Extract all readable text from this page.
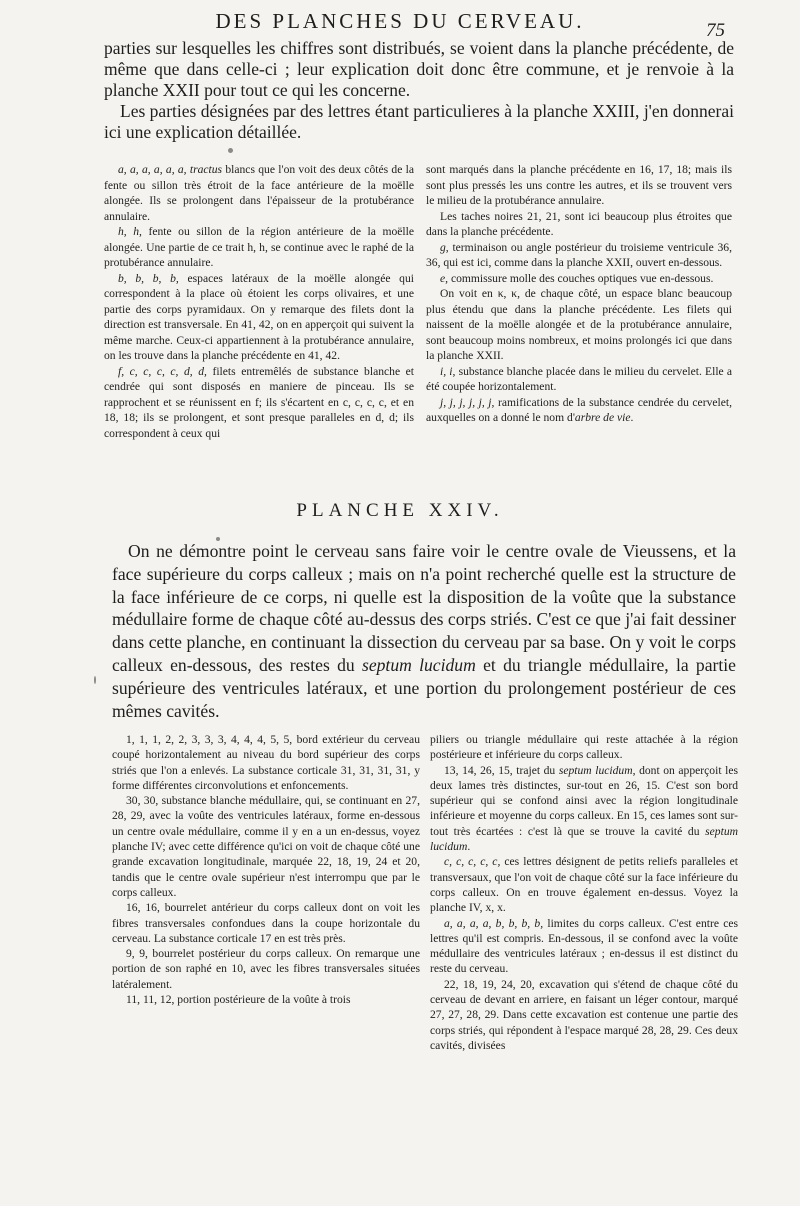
DES PLANCHES DU CERVEAU.	75

parties sur lesquelles les chiffres sont distribués, se voient dans la planche précédente, de même que dans celle-ci ; leur explication doit donc être commune, et je renvoie à la planche XXII pour tout ce qui les concerne.

Les parties désignées par des lettres étant particulieres à la planche XXIII, j'en donnerai ici une explication détaillée.

a, a, a, a, a, a, tractus blancs que l'on voit des deux côtés de la fente ou sillon très étroit de la face antérieure de la moëlle alongée. Ils se prolongent dans l'épaisseur de la protubérance annulaire.

h, h, fente ou sillon de la région antérieure de la moëlle alongée. Une partie de ce trait h, h, se continue avec le raphé de la protubérance annulaire.

b, b, b, b, espaces latéraux de la moëlle alongée qui correspondent à la place où étoient les corps olivaires, et une partie des corps pyramidaux. On y remarque des filets dont la direction est transversale. En 41, 42, on en apperçoit qui suivent la même marche. Ceux-ci appartiennent à la protubérance annulaire, on les trouve dans la planche précédente en 41, 42.

f, c, c, c, c, d, d, filets entremêlés de substance blanche et cendrée qui sont disposés en maniere de pinceau. Ils se rapprochent et se réunissent en f; ils s'écartent en c, c, c, c, et en 18, 18; ils se prolongent, et sont presque paralleles en d, d; ils correspondent à ceux qui

sont marqués dans la planche précédente en 16, 17, 18; mais ils sont plus pressés les uns contre les autres, et ils se trouvent vers le milieu de la protubérance annulaire.

Les taches noires 21, 21, sont ici beaucoup plus étroites que dans la planche précédente.

g, terminaison ou angle postérieur du troisieme ventricule 36, 36, qui est ici, comme dans la planche XXII, ouvert en-dessous.

e, commissure molle des couches optiques vue en-dessous.

On voit en κ, κ, de chaque côté, un espace blanc beaucoup plus étendu que dans la planche précédente. Les filets qui naissent de la moëlle alongée et de la protubérance annulaire, sont beaucoup moins nombreux, et moins prolongés ici que dans la planche XXII.

i, i, substance blanche placée dans le milieu du cervelet. Elle a été coupée horizontalement.

j, j, j, j, j, j, ramifications de la substance cendrée du cervelet, auxquelles on a donné le nom d'arbre de vie.

PLANCHE XXIV.

On ne démontre point le cerveau sans faire voir le centre ovale de Vieussens, et la face supérieure du corps calleux ; mais on n'a point recherché quelle est la structure de la face inférieure de ce corps, ni quelle est la disposition de la voûte que la substance médullaire forme de chaque côté au-dessus des corps striés. C'est ce que j'ai fait dessiner dans cette planche, en continuant la dissection du cerveau par sa base. On y voit le corps calleux en-dessous, des restes du septum lucidum et du triangle médullaire, la partie supérieure des ventricules latéraux, et une portion du prolongement postérieur de ces mêmes cavités.

1, 1, 1, 2, 2, 3, 3, 3, 4, 4, 4, 5, 5, bord extérieur du cerveau coupé horizontalement au niveau du bord supérieur des corps striés que l'on a enlevés. La substance corticale 31, 31, 31, 31, y forme différentes circonvolutions et enfoncements.

30, 30, substance blanche médullaire, qui, se continuant en 27, 28, 29, avec la voûte des ventricules latéraux, forme en-dessous un centre ovale médullaire, comme il y en a un en-dessus, voyez planche IV; avec cette différence qu'ici on voit de chaque côté une grande excavation longitudinale, marquée 22, 18, 19, 24 et 20, tandis que le centre ovale supérieur n'est interrompu que par le corps calleux.

16, 16, bourrelet antérieur du corps calleux dont on voit les fibres transversales confondues dans la coupe horizontale du cerveau. La substance corticale 17 en est très près.

9, 9, bourrelet postérieur du corps calleux. On remarque une portion de son raphé en 10, avec les fibres transversales situées latéralement.

11, 11, 12, portion postérieure de la voûte à trois

piliers ou triangle médullaire qui reste attachée à la région postérieure et inférieure du corps calleux.

13, 14, 26, 15, trajet du septum lucidum, dont on apperçoit les deux lames très distinctes, sur-tout en 26, 15. C'est son bord supérieur qui se confond ainsi avec la région longitudinale inférieure et moyenne du corps calleux. En 15, ces lames sont sur-tout très écartées : c'est là que se trouve la cavité du septum lucidum.

c, c, c, c, c, ces lettres désignent de petits reliefs paralleles et transversaux, que l'on voit de chaque côté sur la face inférieure du corps calleux. On en trouve également en-dessus. Voyez la planche IV, x, x.

a, a, a, a, b, b, b, b, limites du corps calleux. C'est entre ces lettres qu'il est compris. En-dessous, il se confond avec la voûte médullaire des ventricules latéraux ; en-dessus il est distinct du reste du cerveau.

22, 18, 19, 24, 20, excavation qui s'étend de chaque côté du cerveau de devant en arriere, en faisant un léger contour, marqué 27, 27, 28, 29. Dans cette excavation est contenue une partie des corps striés, qui répondent à l'espace marqué 28, 28, 29. Ces deux cavités, divisées
